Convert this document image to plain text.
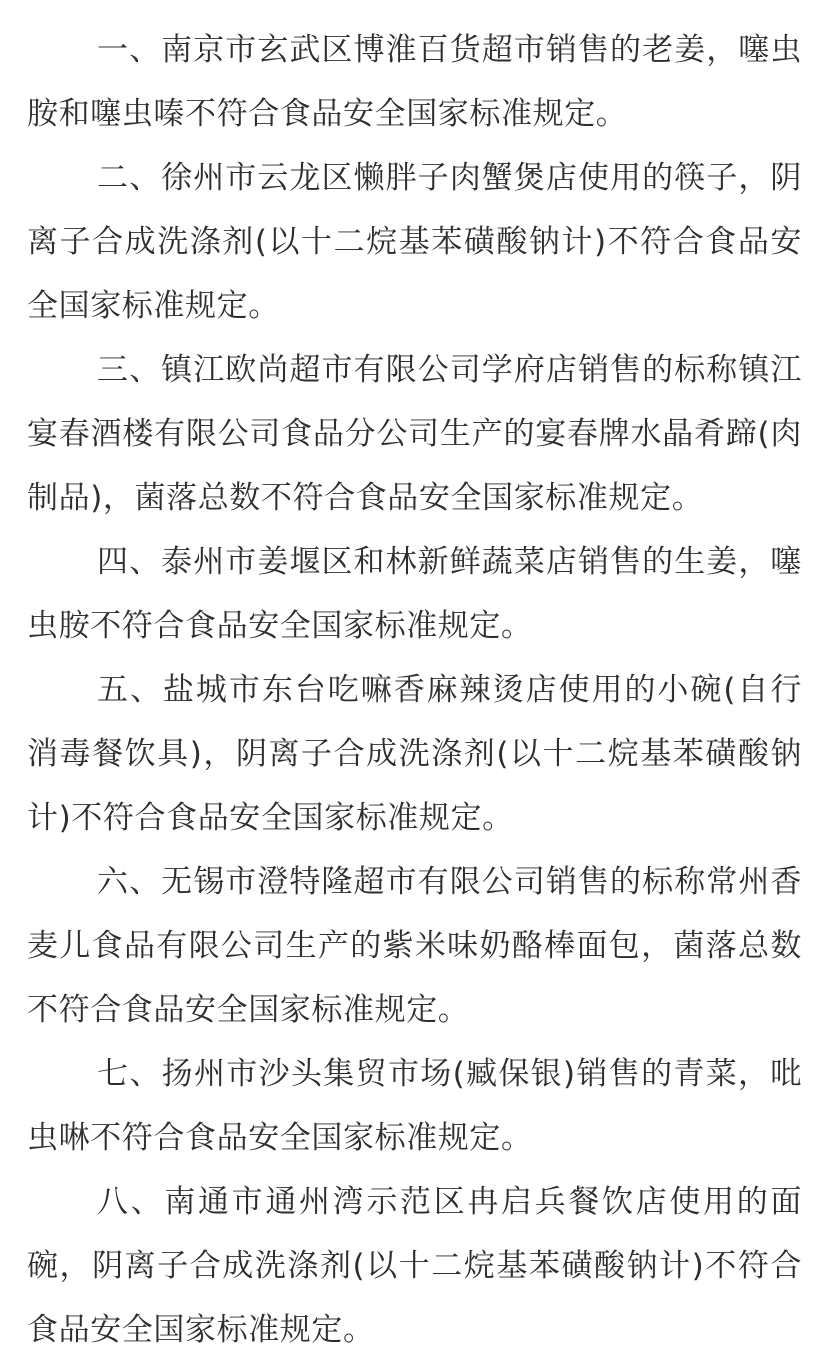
一、南京市玄武区博淮百货超市销售的老姜，噻虫胺和噻虫嗪不符合食品安全国家标准规定。

二、徐州市云龙区懒胖子肉蟹煲店使用的筷子，阴离子合成洗涤剂(以十二烷基苯磺酸钠计)不符合食品安全国家标准规定。

三、镇江欧尚超市有限公司学府店销售的标称镇江宴春酒楼有限公司食品分公司生产的宴春牌水晶肴蹄(肉制品)，菌落总数不符合食品安全国家标准规定。

四、泰州市姜堰区和林新鲜蔬菜店销售的生姜，噻虫胺不符合食品安全国家标准规定。

五、盐城市东台吃嘛香麻辣烫店使用的小碗(自行消毒餐饮具)，阴离子合成洗涤剂(以十二烷基苯磺酸钠计)不符合食品安全国家标准规定。

六、无锡市澄特隆超市有限公司销售的标称常州香麦儿食品有限公司生产的紫米味奶酪棒面包，菌落总数不符合食品安全国家标准规定。

七、扬州市沙头集贸市场(臧保银)销售的青菜，吡虫啉不符合食品安全国家标准规定。

八、南通市通州湾示范区冉启兵餐饮店使用的面碗，阴离子合成洗涤剂(以十二烷基苯磺酸钠计)不符合食品安全国家标准规定。
